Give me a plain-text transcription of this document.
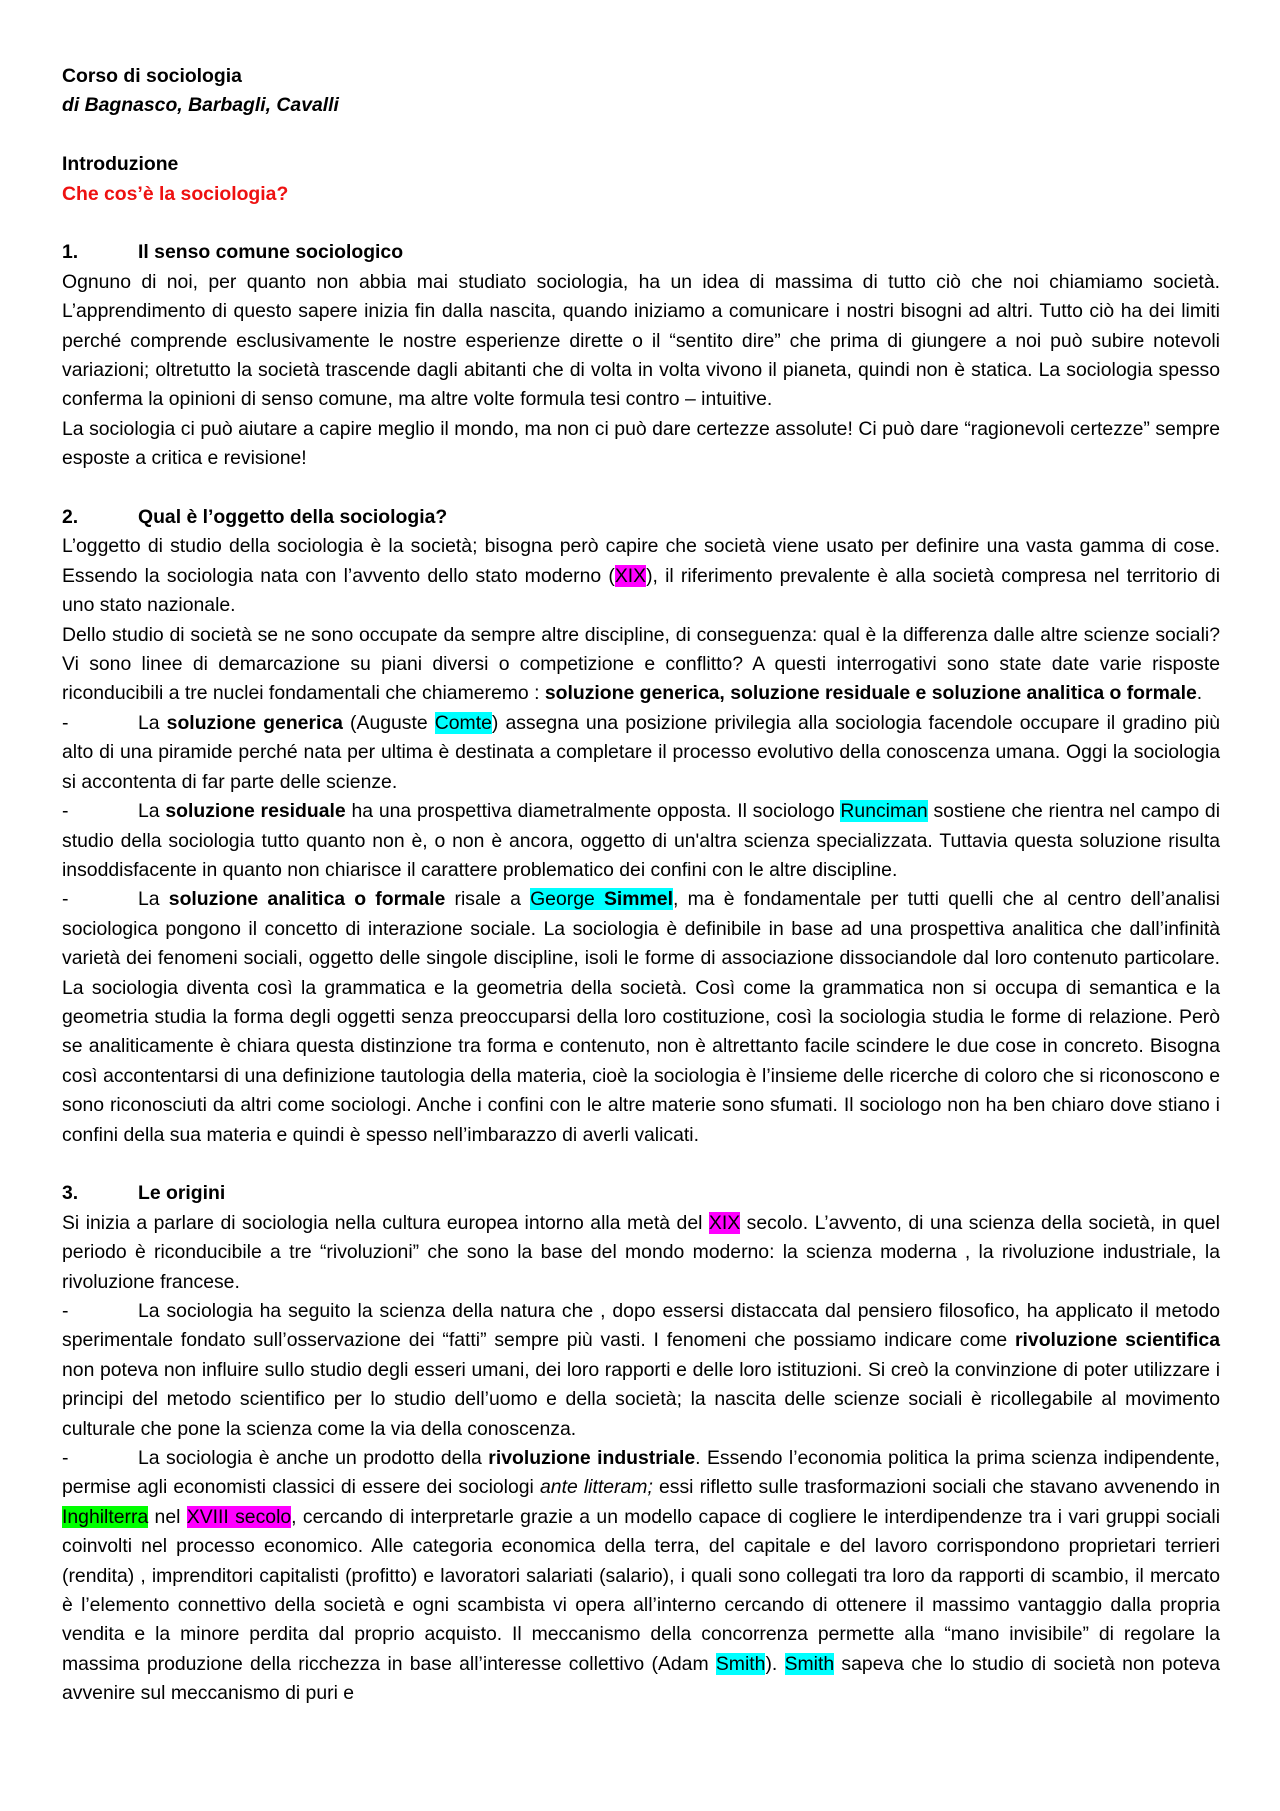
Corso di sociologia
di Bagnasco, Barbagli, Cavalli
Introduzione
Che cos’è la sociologia?
1.	Il senso comune sociologico

Ognuno di noi, per quanto non abbia mai studiato sociologia, ha un idea di massima di tutto ciò che noi chiamiamo società. L’apprendimento di questo sapere inizia fin dalla nascita, quando iniziamo a comunicare i nostri bisogni ad altri. Tutto ciò ha dei limiti perché comprende esclusivamente le nostre esperienze dirette o il “sentito dire” che prima di giungere a noi può subire notevoli variazioni; oltretutto la società trascende dagli abitanti che di volta in volta vivono il pianeta, quindi non è statica. La sociologia spesso conferma la opinioni di senso comune, ma altre volte formula tesi contro – intuitive.

La sociologia ci può aiutare a capire meglio il mondo, ma non ci può dare certezze assolute! Ci può dare “ragionevoli certezze” sempre esposte a critica e revisione!

2.	Qual è l’oggetto della sociologia?

L’oggetto di studio della sociologia è la società; bisogna però capire che società viene usato per definire una vasta gamma di cose. Essendo la sociologia nata con l’avvento dello stato moderno (XIX), il riferimento prevalente è alla società compresa nel territorio di uno stato nazionale.

Dello studio di società se ne sono occupate da sempre altre discipline, di conseguenza: qual è la differenza dalle altre scienze sociali? Vi sono linee di demarcazione su piani diversi o competizione e conflitto? A questi interrogativi sono state date varie risposte riconducibili a tre nuclei fondamentali che chiameremo : soluzione generica, soluzione residuale e soluzione analitica o formale.

-	La soluzione generica (Auguste Comte) assegna una posizione privilegia alla sociologia facendole occupare il gradino più alto di una piramide perché nata per ultima è destinata a completare il processo evolutivo della conoscenza umana. Oggi la sociologia si accontenta di far parte delle scienze.

-	La soluzione residuale ha una prospettiva diametralmente opposta. Il sociologo Runciman sostiene che rientra nel campo di studio della sociologia tutto quanto non è, o non è ancora, oggetto di un'altra scienza specializzata. Tuttavia questa soluzione risulta insoddisfacente in quanto non chiarisce il carattere problematico dei confini con le altre discipline.

-	La soluzione analitica o formale risale a George Simmel, ma è fondamentale per tutti quelli che al centro dell’analisi sociologica pongono il concetto di interazione sociale. La sociologia è definibile in base ad una prospettiva analitica che dall’infinità varietà dei fenomeni sociali, oggetto delle singole discipline, isoli le forme di associazione dissociandole dal loro contenuto particolare. La sociologia diventa così la grammatica e la geometria della società. Così come la grammatica non si occupa di semantica e la geometria studia la forma degli oggetti senza preoccuparsi della loro costituzione, così la sociologia studia le forme di relazione. Però se analiticamente è chiara questa distinzione tra forma e contenuto, non è altrettanto facile scindere le due cose in concreto. Bisogna così accontentarsi di una definizione tautologia della materia, cioè la sociologia è l’insieme delle ricerche di coloro che si riconoscono e sono riconosciuti da altri come sociologi. Anche i confini con le altre materie sono sfumati. Il sociologo non ha ben chiaro dove stiano i confini della sua materia e quindi è spesso nell’imbarazzo di averli valicati.

3.	Le origini

Si inizia a parlare di sociologia nella cultura europea intorno alla metà del XIX secolo. L’avvento, di una scienza della società, in quel periodo è riconducibile a tre “rivoluzioni” che sono la base del mondo moderno: la scienza moderna , la rivoluzione industriale, la rivoluzione francese.

-	La sociologia ha seguito la scienza della natura che , dopo essersi distaccata dal pensiero filosofico, ha applicato il metodo sperimentale fondato sull’osservazione dei “fatti” sempre più vasti. I fenomeni che possiamo indicare come rivoluzione scientifica non poteva non influire sullo studio degli esseri umani, dei loro rapporti e delle loro istituzioni. Si creò la convinzione di poter utilizzare i principi del metodo scientifico per lo studio dell’uomo e della società; la nascita delle scienze sociali è ricollegabile al movimento culturale che pone la scienza come la via della conoscenza.

-	La sociologia è anche un prodotto della rivoluzione industriale. Essendo l’economia politica la prima scienza indipendente, permise agli economisti classici di essere dei sociologi ante litteram; essi rifletto sulle trasformazioni sociali che stavano avvenendo in Inghilterra nel XVIII secolo, cercando di interpretarle grazie a un modello capace di cogliere le interdipendenze tra i vari gruppi sociali coinvolti nel processo economico. Alle categoria economica della terra, del capitale e del lavoro corrispondono proprietari terrieri (rendita) , imprenditori capitalisti (profitto) e lavoratori salariati (salario), i quali sono collegati tra loro da rapporti di scambio, il mercato è l’elemento connettivo della società e ogni scambista vi opera all’interno cercando di ottenere il massimo vantaggio dalla propria vendita e la minore perdita dal proprio acquisto. Il meccanismo della concorrenza permette alla “mano invisibile” di regolare la massima produzione della ricchezza in base all’interesse collettivo (Adam Smith). Smith sapeva che lo studio di società non poteva avvenire sul meccanismo di puri e
